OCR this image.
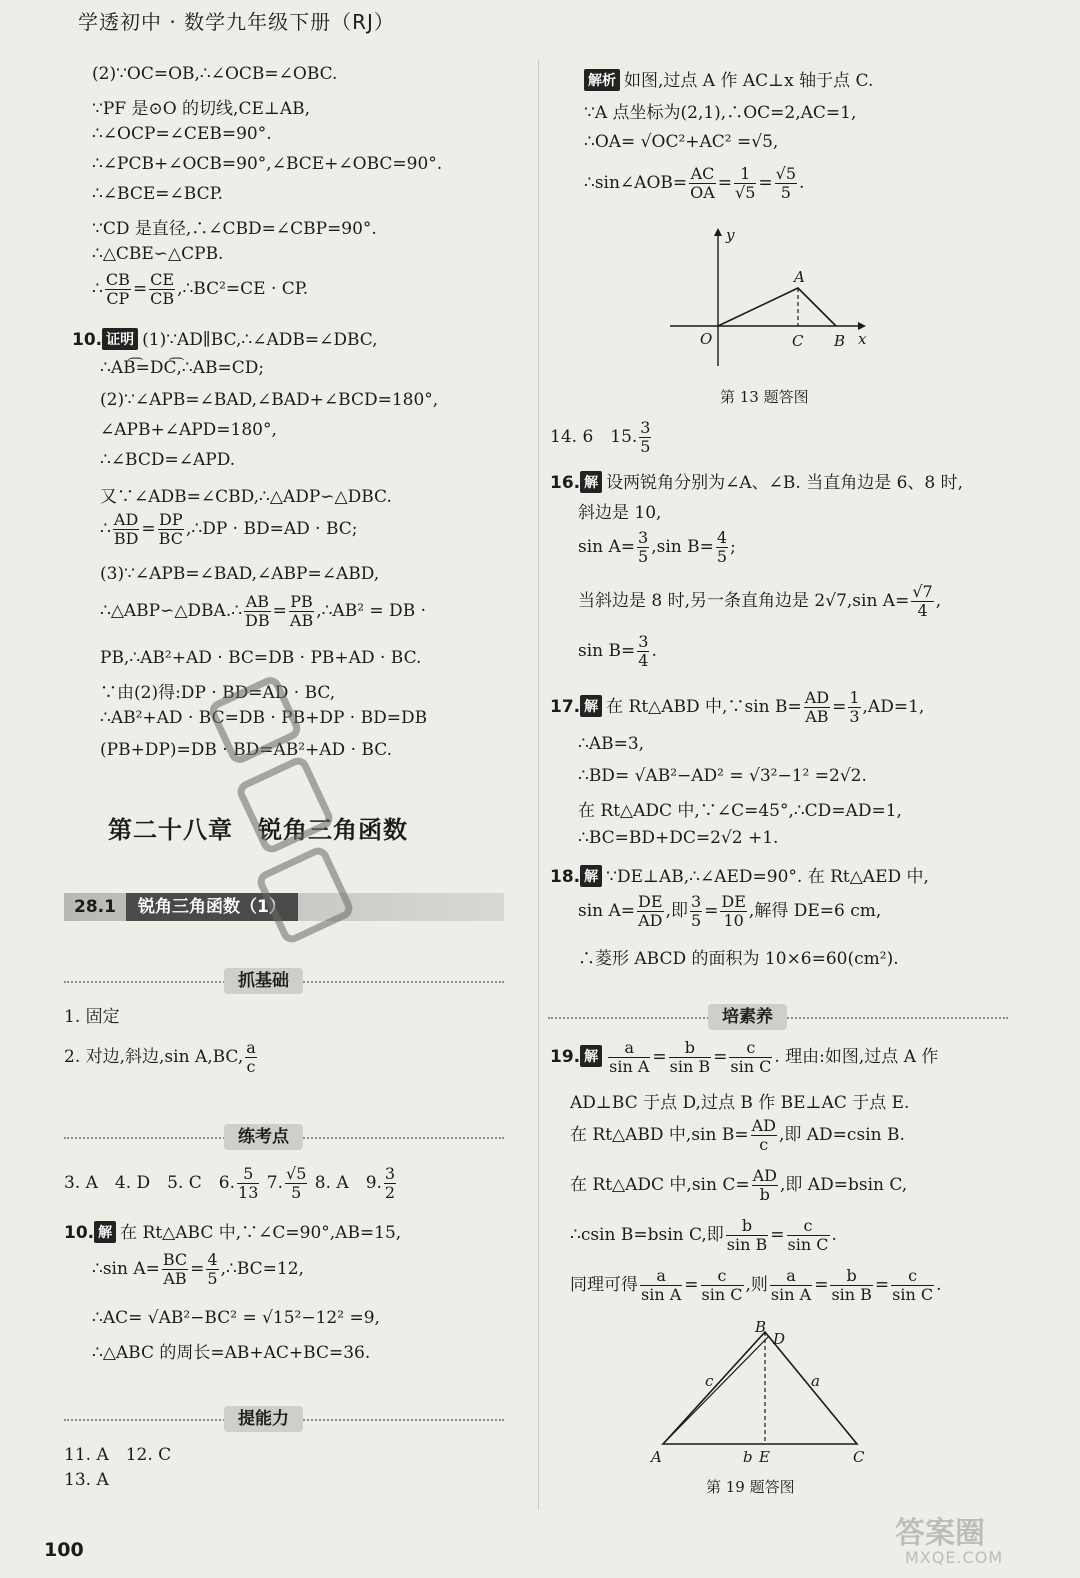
学透初中 · 数学九年级下册（RJ）
(2)∵OC=OB,∴∠OCB=∠OBC.
∵PF 是⊙O 的切线,CE⊥AB,
∴∠OCP=∠CEB=90°.
∴∠PCB+∠OCB=90°,∠BCE+∠OBC=90°.
∴∠BCE=∠BCP.
∵CD 是直径,∴∠CBD=∠CBP=90°.
∴△CBE∽△CPB.
∴ $\frac{CB}{CP} = \frac{CE}{CB}$ ,∴BC²=CE · CP.
10. 证明 (1)∵AD∥BC,∴∠ADB=∠DBC,
∴AB͡=DC͡,∴AB=CD;
(2)∵∠APB=∠BAD,∠BAD+∠BCD=180°,
∠APB+∠APD=180°,
∴∠BCD=∠APD.
又∵∠ADB=∠CBD,∴△ADP∽△DBC.
∴ $\frac{AD}{BD} = \frac{DP}{BC}$ ,∴DP · BD=AD · BC;
(3)∵∠APB=∠BAD,∠ABP=∠ABD,
∴△ABP∽△DBA.∴ $\frac{AB}{DB} = \frac{PB}{AB}$ ,∴AB² = DB ·
PB,∴AB²+AD · BC=DB · PB+AD · BC.
∵由(2)得:DP · BD=AD · BC,
∴AB²+AD · BC=DB · PB+DP · BD=DB
(PB+DP)=DB · BD=AB²+AD · BC.
第二十八章　锐角三角函数
28.1	锐角三角函数（1）
抓基础
1. 固定
2. 对边,斜边,sin A,BC, $\frac{a}{c}$
练考点
3. A　4. D　5. C　6. $\frac{5}{13} 7$. $\frac{√5}{5} 8$. A　9. $\frac{3}{2}$
10. 解 在 Rt△ABC 中,∵∠C=90°,AB=15,
∴sin $A= \frac{BC}{AB} = \frac{4}{5}$ ,∴BC=12,
∴AC= √AB²−BC² = √15²−12² =9,
∴△ABC 的周长=AB+AC+BC=36.
提能力
11. A　12. C
13. A
解析 如图,过点 A 作 AC⊥x 轴于点 C.
∵A 点坐标为(2,1),∴OC=2,AC=1,
∴OA= √OC²+AC² =√5,
∴sin∠AOB= $\frac{AC}{OA} = \frac{1}{√5} = \frac{√5}{5}$ .
y
x
O
A
C B
第 13 题答图
14. 6　15. $\frac{3}{5}$
16. 解 设两锐角分别为∠A、∠B. 当直角边是 6、8 时,
斜边是 10,
$\sin A= \frac{3}{5} ,\sin$ $B= \frac{4}{5}$ ;
当斜边是 8 时,另一条直角边是 2√7,sin $A= \frac{√7}{4}$ ,
$\sin B= \frac{3}{4}$ .
17. 解 在 Rt△ABD 中,∵sin $B= \frac{AD}{AB} = \frac{1}{3} ,AD=1$,
∴AB=3,
∴BD= √AB²−AD² = √3²−1² =2√2.
在 Rt△ADC 中,∵∠C=45°,∴CD=AD=1,
∴BC=BD+DC=2√2 +1.
18. 解 ∵DE⊥AB,∴∠AED=90°. 在 Rt△AED 中,
$\sin A= \frac{DE}{AD}$ ,即 $\frac{3}{5} = \frac{DE}{10}$ ,解得 DE=6 cm,
∴菱形 ABCD 的面积为 10×6=60(cm²).
培素养
19. 解 $\frac{a}{\text{sin A}} = \frac{b}{\text{sin B}} = \frac{c}{\text{sin C}}$ . 理由:如图,过点 A 作
AD⊥BC 于点 D,过点 B 作 BE⊥AC 于点 E.
在 Rt△ABD 中,sin $B= \frac{AD}{c}$ ,即 AD=csin B.
在 Rt△ADC 中,sin $C= \frac{AD}{b}$ ,即 AD=bsin C,
∴csin B=bsin C,即 $\frac{b}{\text{sin B}} = \frac{c}{\text{sin C}}$ .
同理可得 $\frac{a}{\text{sin A}} = \frac{c}{\text{sin C}}$ ,则 $\frac{a}{\text{sin A}} = \frac{b}{\text{sin B}} = \frac{c}{\text{sin C}}$ .
B
D
A	C
E
c	a
b
第 19 题答图
100	答案圈
MXQE.COM
